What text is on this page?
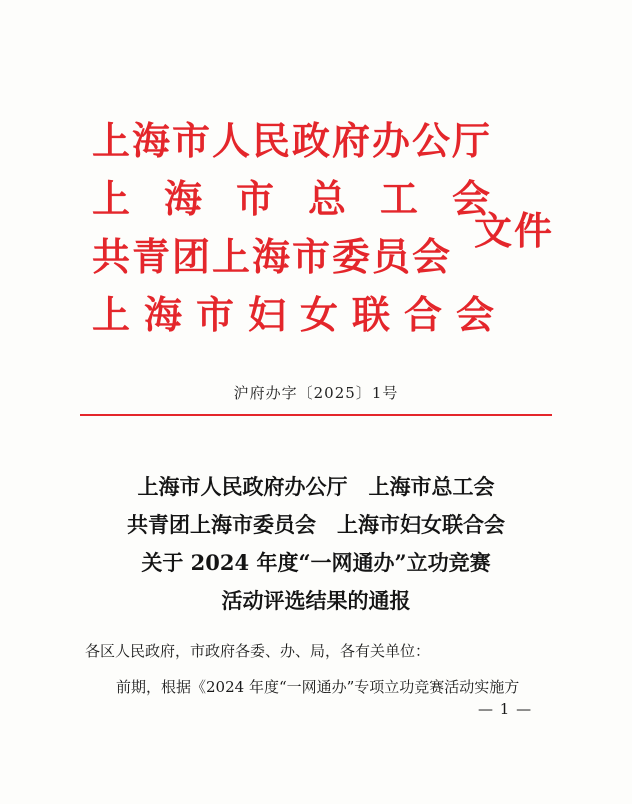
上海市人民政府办公厅
上海市总工会
共青团上海市委员会
上海市妇女联合会
文件
沪府办字〔2025〕1号
上海市人民政府办公厅　上海市总工会
共青团上海市委员会　上海市妇女联合会
关于 2024 年度“一网通办”立功竞赛
活动评选结果的通报
各区人民政府，市政府各委、办、局，各有关单位：
前期，根据《2024 年度“一网通办”专项立功竞赛活动实施方
— 1 —
